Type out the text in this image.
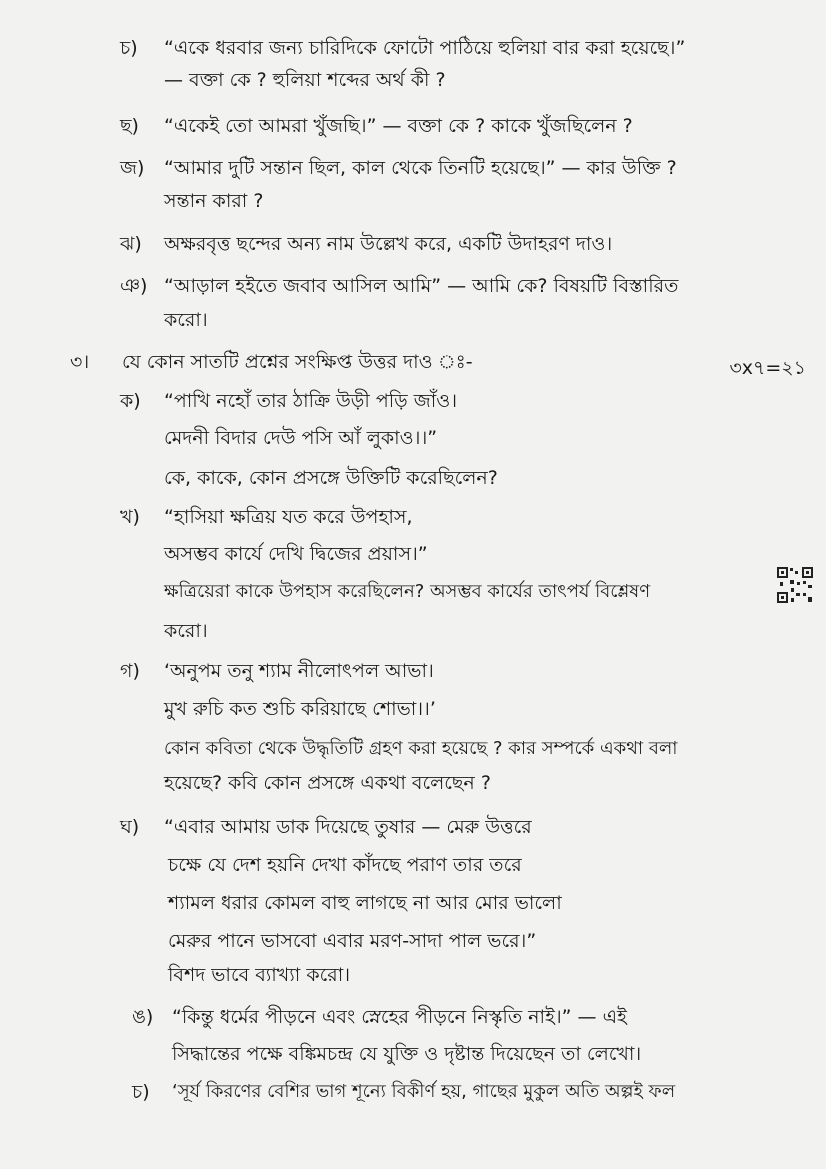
চ) “একে ধরবার জন্য চারিদিকে ফোটো পাঠিয়ে হুলিয়া বার করা হয়েছে।”
— বক্তা কে ? হুলিয়া শব্দের অর্থ কী ?
ছ) “একেই তো আমরা খুঁজছি।” — বক্তা কে ? কাকে খুঁজছিলেন ?
জ) “আমার দুটি সন্তান ছিল, কাল থেকে তিনটি হয়েছে।” — কার উক্তি ?
সন্তান কারা ?
ঝ) অক্ষরবৃত্ত ছন্দের অন্য নাম উল্লেখ করে, একটি উদাহরণ দাও।
ঞ) “আড়াল হইতে জবাব আসিল আমি” — আমি কে? বিষয়টি বিস্তারিত
করো।
৩। যে কোন সাতটি প্রশ্নের সংক্ষিপ্ত উত্তর দাও ঃ-	৩x৭=২১
ক) “পাখি নহোঁ তার ঠাক্রি উড়ী পড়ি জাঁও।
মেদনী বিদার দেউ পসি আঁ লুকাও।।”
কে, কাকে, কোন প্রসঙ্গে উক্তিটি করেছিলেন?
খ) “হাসিয়া ক্ষত্রিয় যত করে উপহাস,
অসম্ভব কার্যে দেখি দ্বিজের প্রয়াস।”
ক্ষত্রিয়েরা কাকে উপহাস করেছিলেন? অসম্ভব কার্যের তাৎপর্য বিশ্লেষণ
করো।
গ) ‘অনুপম তনু শ্যাম নীলোৎপল আভা।
মুখ রুচি কত শুচি করিয়াছে শোভা।।’
কোন কবিতা থেকে উদ্ধৃতিটি গ্রহণ করা হয়েছে ? কার সম্পর্কে একথা বলা
হয়েছে? কবি কোন প্রসঙ্গে একথা বলেছেন ?
ঘ) “এবার আমায় ডাক দিয়েছে তুষার — মেরু উত্তরে
চক্ষে যে দেশ হয়নি দেখা কাঁদছে পরাণ তার তরে
শ্যামল ধরার কোমল বাহু লাগছে না আর মোর ভালো
মেরুর পানে ভাসবো এবার মরণ-সাদা পাল ভরে।”
বিশদ ভাবে ব্যাখ্যা করো।
ঙ) “কিন্তু ধর্মের পীড়নে এবং স্নেহের পীড়নে নিস্কৃতি নাই।” — এই
সিদ্ধান্তের পক্ষে বঙ্কিমচন্দ্র যে যুক্তি ও দৃষ্টান্ত দিয়েছেন তা লেখো।
চ) ‘সূর্য কিরণের বেশির ভাগ শূন্যে বিকীর্ণ হয়, গাছের মুকুল অতি অল্পই ফল
